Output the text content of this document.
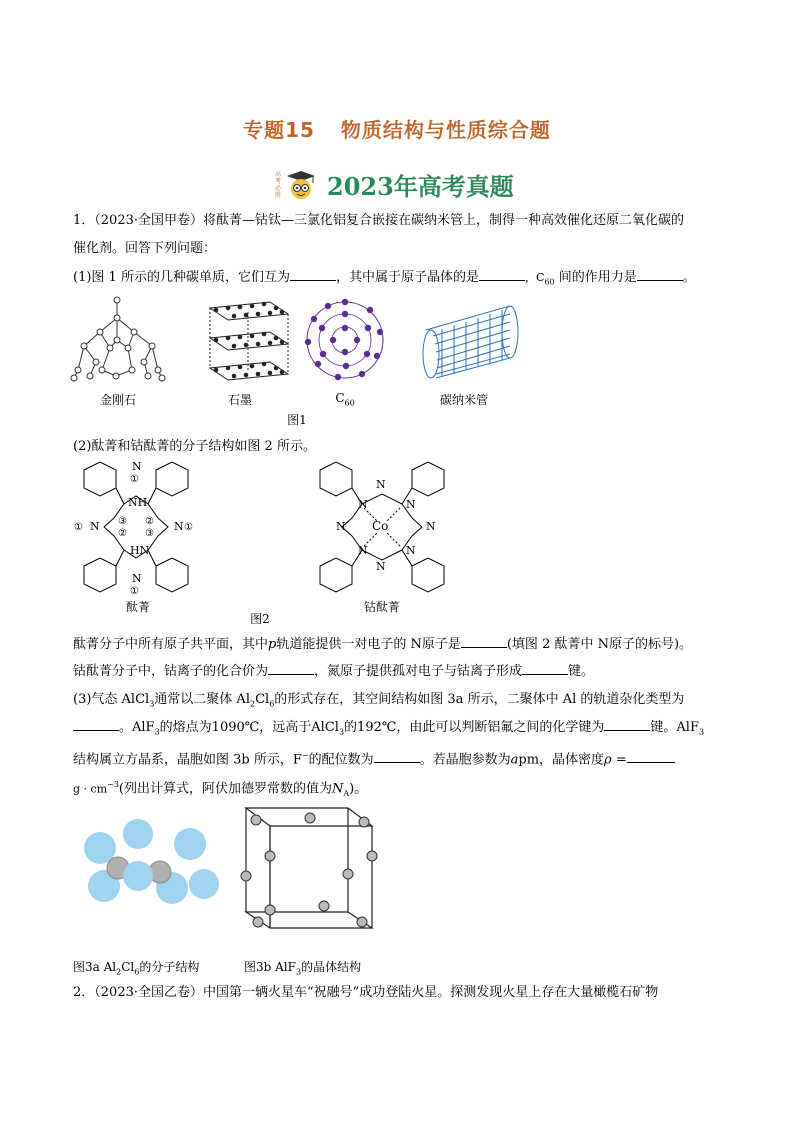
专题15 物质结构与性质综合题
高
考
必
胜 2023年高考真题
1．（2023·全国甲卷）将酞菁—钴钛—三氯化铝复合嵌接在碳纳米管上，制得一种高效催化还原二氧化碳的
催化剂。回答下列问题：
(1)图 1 所示的几种碳单质，它们互为	，其中属于原子晶体的是	，$C_{60}$ 间的作用力是	。
金刚石	石墨	$C_{60}$	碳纳米管
图1
(2)酞菁和钴酞菁的分子结构如图 2 所示。
N
①
NH
N
①	N ①
③
②
②
③
HN
N
①
N
N	N
N	N
Co
N	N
N
酞菁
图2
钴酞菁
酞菁分子中所有原子共平面，其中p轨道能提供一对电子的 N原子是	(填图 2 酞菁中 N原子的标号)。
钴酞菁分子中，钴离子的化合价为	，氮原子提供孤对电子与钴离子形成	键。
(3)气态 AlCl$_3$通常以二聚体 $Al_2Cl_6$的形式存在，其空间结构如图 3a 所示，二聚体中 Al 的轨道杂化类型为
。AlF$_3$的熔点为1090℃，远高于AlCl$_3$的192℃，由此可以判断铝氟之间的化学键为	键。AlF$_3$
结构属立方晶系，晶胞如图 3b 所示，F−的配位数为	。若晶胞参数为apm，晶体密度ρ =
$g \cdot cm^{-3}$(列出计算式，阿伏加德罗常数的值为$N_A$)。
图3a $Al_2Cl_6$的分子结构	图3b AlF$_3$的晶体结构
2．（2023·全国乙卷）中国第一辆火星车“祝融号”成功登陆火星。探测发现火星上存在大量橄榄石矿物
